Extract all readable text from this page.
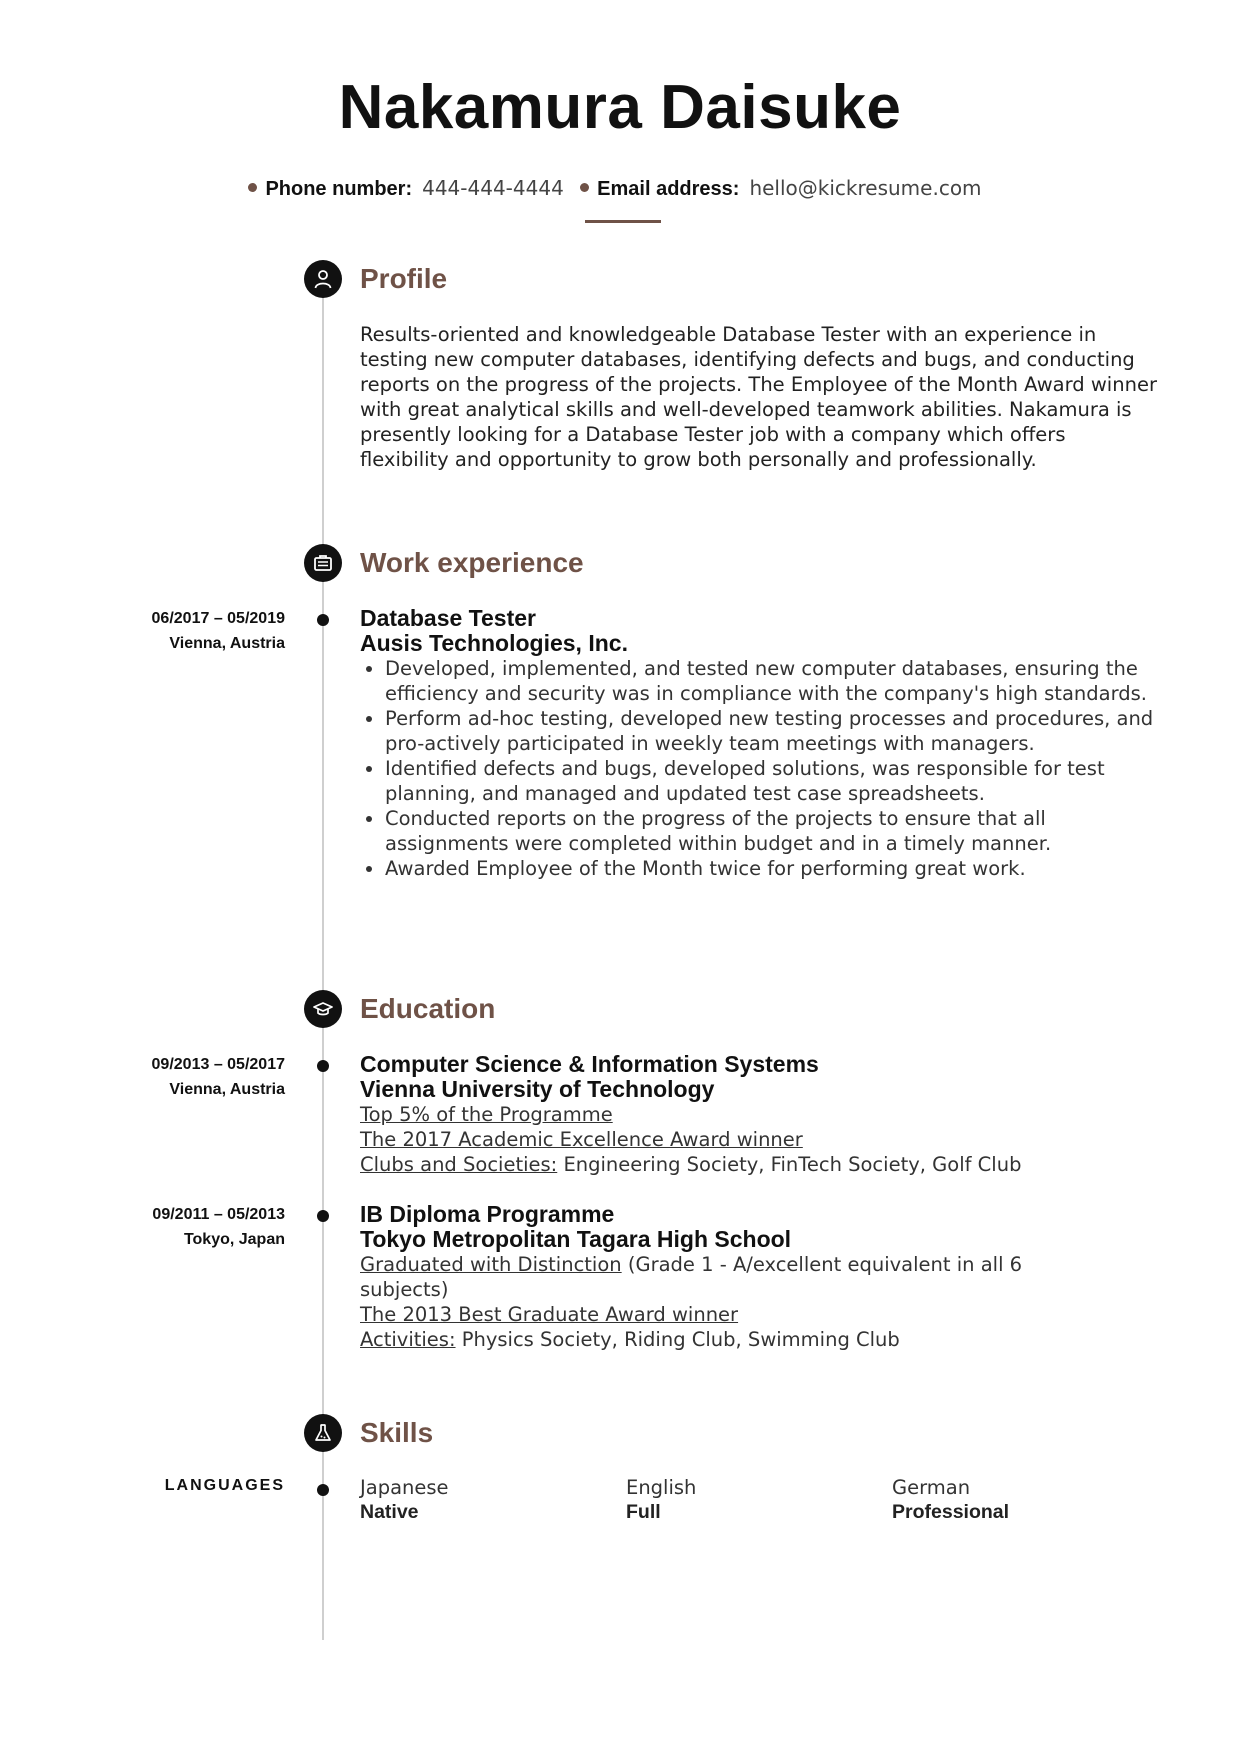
Nakamura Daisuke
Phone number: 444-444-4444 Email address: hello@kickresume.com
Profile
Results-oriented and knowledgeable Database Tester with an experience in testing new computer databases, identifying defects and bugs, and conducting reports on the progress of the projects. The Employee of the Month Award winner with great analytical skills and well-developed teamwork abilities. Nakamura is presently looking for a Database Tester job with a company which offers flexibility and opportunity to grow both personally and professionally.
Work experience
06/2017 – 05/2019
Vienna, Austria
Database Tester
Ausis Technologies, Inc.
• Developed, implemented, and tested new computer databases, ensuring the efficiency and security was in compliance with the company's high standards.
• Perform ad-hoc testing, developed new testing processes and procedures, and pro-actively participated in weekly team meetings with managers.
• Identified defects and bugs, developed solutions, was responsible for test planning, and managed and updated test case spreadsheets.
• Conducted reports on the progress of the projects to ensure that all assignments were completed within budget and in a timely manner.
• Awarded Employee of the Month twice for performing great work.
Education
09/2013 – 05/2017
Vienna, Austria
Computer Science & Information Systems
Vienna University of Technology
Top 5% of the Programme
The 2017 Academic Excellence Award winner
Clubs and Societies: Engineering Society, FinTech Society, Golf Club
09/2011 – 05/2013
Tokyo, Japan
IB Diploma Programme
Tokyo Metropolitan Tagara High School
Graduated with Distinction (Grade 1 - A/excellent equivalent in all 6 subjects)
The 2013 Best Graduate Award winner
Activities: Physics Society, Riding Club, Swimming Club
Skills
LANGUAGES	Japanese
Native
English
Full
German
Professional
